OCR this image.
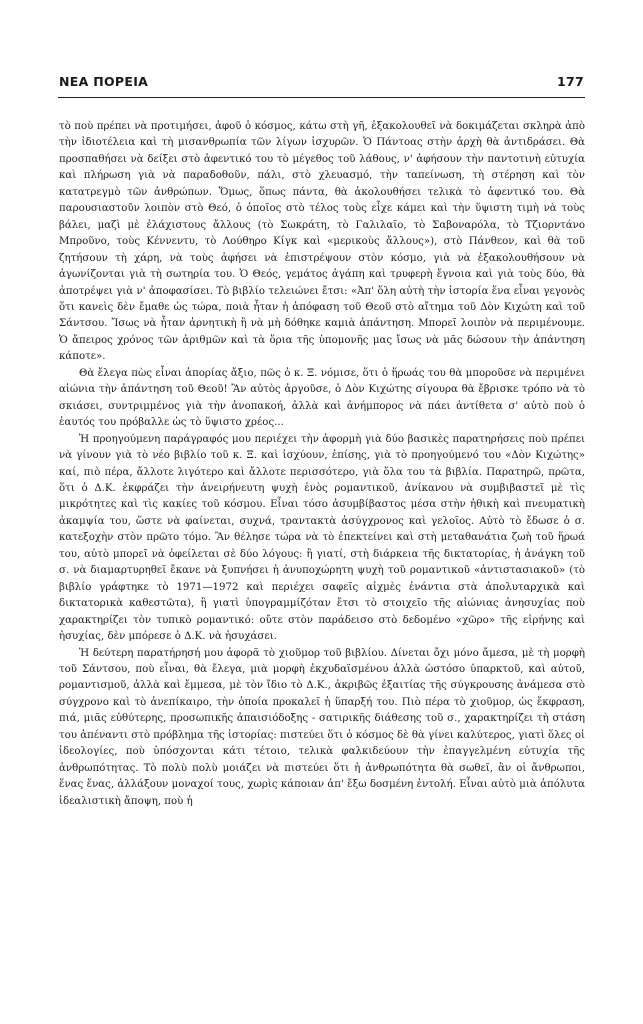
ΝΕΑ ΠΟΡΕΙΑ	177

τὸ ποὺ πρέπει νὰ προτιμήσει, ἀφοῦ ὁ κόσμος, κάτω στὴ γῆ, ἐξακολουθεῖ νὰ δοκιμάζεται σκληρὰ ἀπὸ τὴν ἰδιοτέλεια καὶ τὴ μισανθρωπία τῶν λίγων ἰσχυρῶν. Ὁ Πάντοας στὴν ἀρχὴ θὰ ἀντιδράσει. Θὰ προσπαθήσει νὰ δείξει στὸ ἀφεντικό του τὸ μέγεθος τοῦ λάθους, ν' ἀφήσουν τὴν παντοτινὴ εὐτυχία καὶ πλήρωση γιὰ νὰ παραδοθοῦν, πάλι, στὸ χλευασμό, τὴν ταπείνωση, τὴ στέρηση καὶ τὸν κατατρεγμὸ τῶν ἀνθρώπων. Ὅμως, ὅπως πάντα, θὰ ἀκολουθήσει τελικὰ τὸ ἀφεντικό του. Θὰ παρουσιαστοῦν λοιπὸν στὸ Θεό, ὁ ὁποῖος στὸ τέλος τοὺς εἶχε κάμει καὶ τὴν ὕψιστη τιμὴ νὰ τοὺς βάλει, μαζὶ μὲ ἐλάχιστους ἄλλους (τὸ Σωκράτη, τὸ Γαλιλαῖο, τὸ Σαβοναρόλα, τὸ Τζιορντάνο Μπροῦνο, τοὺς Κέννεντυ, τὸ Λούθηρο Κίγκ καὶ «μερικοὺς ἄλλους»), στὸ Πάνθεον, καὶ θὰ τοῦ ζητήσουν τὴ χάρη, νὰ τοὺς ἀφήσει νὰ ἐπιστρέψουν στὸν κόσμο, γιὰ νὰ ἐξακολουθήσουν νὰ ἀγωνίζονται γιὰ τὴ σωτηρία του. Ὁ Θεός, γεμάτος ἀγάπη καὶ τρυφερὴ ἔγνοια καὶ γιὰ τοὺς δύο, θὰ ἀποτρέψει γιὰ ν' ἀποφασίσει. Τὸ βιβλίο τελειώνει ἔτσι: «Ἀπ' ὅλη αὐτὴ τὴν ἱστορία ἕνα εἶναι γεγονὸς ὅτι κανεὶς δὲν ἔμαθε ὡς τώρα, ποιὰ ἦταν ἡ ἀπόφαση τοῦ Θεοῦ στὸ αἴτημα τοῦ Δὸν Κιχώτη καὶ τοῦ Σάντσου. Ἴσως νὰ ἦταν ἀρνητικὴ ἢ νὰ μὴ δόθηκε καμιὰ ἀπάντηση. Μπορεῖ λοιπὸν νὰ περιμένουμε. Ὁ ἄπειρος χρόνος τῶν ἀριθμῶν καὶ τὰ ὅρια τῆς ὑπομονῆς μας ἴσως νὰ μᾶς δώσουν τὴν ἀπάντηση κάποτε».

Θὰ ἔλεγα πὼς εἶναι ἀπορίας ἄξιο, πῶς ὁ κ. Ξ. νόμισε, ὅτι ὁ ἥρωάς του θὰ μποροῦσε νὰ περιμένει αἰώνια τὴν ἀπάντηση τοῦ Θεοῦ! Ἂν αὐτὸς ἀργοῦσε, ὁ Δὸν Κιχώτης σίγουρα θὰ ἔβρισκε τρόπο νὰ τὸ σκιάσει, συντριμμένος γιὰ τὴν ἀνοπακοή, ἀλλὰ καὶ ἀνήμπορος νὰ πάει ἀντίθετα σ' αὐτὸ ποὺ ὁ ἑαυτός του πρόβαλλε ὡς τὸ ὕψιστο χρέος...

Ἡ προηγούμενη παράγραφός μου περιέχει τὴν ἀφορμὴ γιὰ δύο βασικὲς παρατηρήσεις ποὺ πρέπει νὰ γίνουν γιὰ τὸ νέο βιβλίο τοῦ κ. Ξ. καὶ ἰσχύουν, ἐπίσης, γιὰ τὸ προηγούμενό του «Δὸν Κιχώτης» καί, πιὸ πέρα, ἄλλοτε λιγότερο καὶ ἄλλοτε περισσότερο, γιὰ ὅλα του τὰ βιβλία. Παρατηρῶ, πρῶτα, ὅτι ὁ Δ.Κ. ἐκφράζει τὴν ἀνειρήνευτη ψυχὴ ἑνὸς ρομαντικοῦ, ἀνίκανου νὰ συμβιβαστεῖ μὲ τὶς μικρότητες καὶ τὶς κακίες τοῦ κόσμου. Εἶναι τόσο ἀσυμβίβαστος μέσα στὴν ἠθικὴ καὶ πνευματικὴ ἀκαμψία του, ὥστε νὰ φαίνεται, συχνά, τραντακτὰ ἀσύγχρονος καὶ γελοῖος. Αὐτὸ τὸ ἔδωσε ὁ σ. κατεξοχὴν στὸν πρῶτο τόμο. Ἂν θέλησε τώρα νὰ τὸ ἐπεκτείνει καὶ στὴ μεταθανάτια ζωὴ τοῦ ἥρωά του, αὐτὸ μπορεῖ νὰ ὀφείλεται σὲ δύο λόγους: ἢ γιατί, στὴ διάρκεια τῆς δικτατορίας, ἡ ἀνάγκη τοῦ σ. νὰ διαμαρτυρηθεῖ ἔκανε νὰ ξυπνήσει ἡ ἀνυποχώρητη ψυχὴ τοῦ ρομαντικοῦ «ἀντιστασιακοῦ» (τὸ βιβλίο γράφτηκε τὸ 1971—1972 καὶ περιέχει σαφεῖς αἰχμὲς ἐνάντια στὰ ἀπολυταρχικὰ καὶ δικτατορικὰ καθεστῶτα), ἢ γιατὶ ὑπογραμμίζόταν ἔτσι τὸ στοιχεῖο τῆς αἰώνιας ἀνησυχίας ποὺ χαρακτηρίζει τὸν τυπικὸ ρομαντικό: οὔτε στὸν παράδεισο στὸ δεδομένο «χῶρο» τῆς εἰρήνης καὶ ἡσυχίας, δὲν μπόρεσε ὁ Δ.Κ. νὰ ἡσυχάσει.

Ἡ δεύτερη παρατήρησή μου ἀφορᾶ τὸ χιοῦμορ τοῦ βιβλίου. Δίνεται ὄχι μόνο ἄμεσα, μὲ τὴ μορφὴ τοῦ Σάντσου, ποὺ εἶναι, θὰ ἔλεγα, μιὰ μορφὴ ἐκχυδαϊσμένου ἀλλὰ ὡστόσο ὑπαρκτοῦ, καὶ αὐτοῦ, ρομαντισμοῦ, ἀλλὰ καὶ ἔμμεσα, μὲ τὸν ἴδιο τὸ Δ.Κ., ἀκριβῶς ἐξαιτίας τῆς σύγκρουσης ἀνάμεσα στὸ σύγχρονο καὶ τὸ ἀνεπίκαιρο, τὴν ὁποία προκαλεῖ ἡ ὕπαρξή του. Πιὸ πέρα τὸ χιοῦμορ, ὡς ἔκφραση, πιά, μιᾶς εὐθύτερης, προσωπικῆς ἀπαισιόδοξης - σατιρικῆς διάθεσης τοῦ σ., χαρακτηρίζει τὴ στάση του ἀπέναντι στὸ πρόβλημα τῆς ἱστορίας: πιστεύει ὅτι ὁ κόσμος δὲ θὰ γίνει καλύτερος, γιατὶ ὅλες οἱ ἰδεολογίες, ποὺ ὑπόσχονται κάτι τέτοιο, τελικὰ φαλκιδεύουν τὴν ἐπαγγελμένη εὐτυχία τῆς ἀνθρωπότητας. Τὸ πολὺ πολὺ μοιάζει νὰ πιστεύει ὅτι ἡ ἀνθρωπότητα θὰ σωθεῖ, ἂν οἱ ἄνθρωποι, ἕνας ἕνας, ἀλλάξουν μοναχοί τους, χωρὶς κάποιαν ἀπ' ἔξω δοσμένη ἐντολή. Εἶναι αὐτὸ μιὰ ἀπόλυτα ἰδεαλιστικὴ ἄποψη, ποὺ ἡ
